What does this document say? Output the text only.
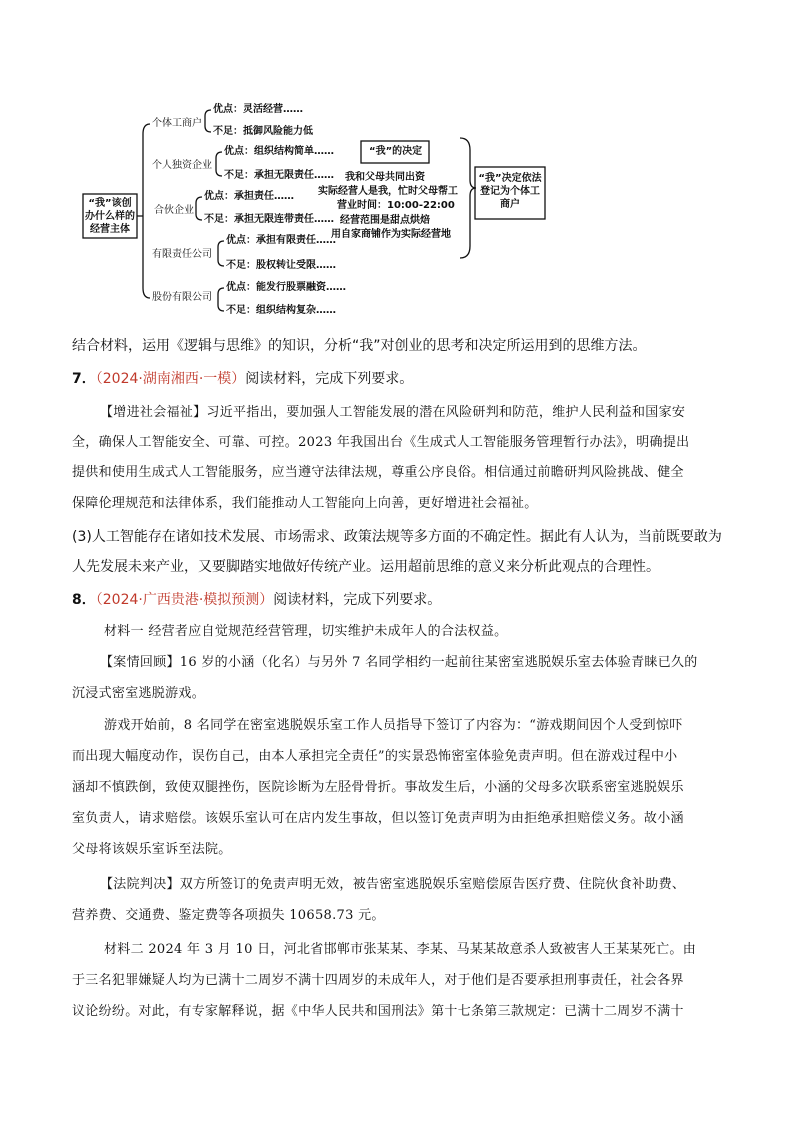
“我”该创办什么样的经营主体
个体工商户
个人独资企业
合伙企业
有限责任公司
股份有限公司
优点：灵活经营……
不足：抵御风险能力低
优点：组织结构简单……
不足：承担无限责任……
优点：承担责任……
不足：承担无限连带责任……
优点：承担有限责任……
不足：股权转让受限……
优点：能发行股票融资……
不足：组织结构复杂……
“我”的决定
我和父母共同出资
实际经营人是我，忙时父母帮工
营业时间：10:00-22:00
经营范围是甜点烘焙
用自家商铺作为实际经营地
“我”决定依法登记为个体工商户
结合材料，运用《逻辑与思维》的知识，分析“我”对创业的思考和决定所运用到的思维方法。
7．（2024·湖南湘西·一模）阅读材料，完成下列要求。
【增进社会福祉】习近平指出，要加强人工智能发展的潜在风险研判和防范，维护人民利益和国家安
全，确保人工智能安全、可靠、可控。2023 年我国出台《生成式人工智能服务管理暂行办法》，明确提出
提供和使用生成式人工智能服务，应当遵守法律法规，尊重公序良俗。相信通过前瞻研判风险挑战、健全
保障伦理规范和法律体系，我们能推动人工智能向上向善，更好增进社会福祉。
(3)人工智能存在诸如技术发展、市场需求、政策法规等多方面的不确定性。据此有人认为，当前既要敢为
人先发展未来产业，又要脚踏实地做好传统产业。运用超前思维的意义来分析此观点的合理性。
8．（2024·广西贵港·模拟预测）阅读材料，完成下列要求。
材料一 经营者应自觉规范经营管理，切实维护未成年人的合法权益。
【案情回顾】16 岁的小涵（化名）与另外 7 名同学相约一起前往某密室逃脱娱乐室去体验青睐已久的
沉浸式密室逃脱游戏。
游戏开始前，8 名同学在密室逃脱娱乐室工作人员指导下签订了内容为：“游戏期间因个人受到惊吓
而出现大幅度动作，误伤自己，由本人承担完全责任”的实景恐怖密室体验免责声明。但在游戏过程中小
涵却不慎跌倒，致使双腿挫伤，医院诊断为左胫骨骨折。事故发生后，小涵的父母多次联系密室逃脱娱乐
室负责人，请求赔偿。该娱乐室认可在店内发生事故，但以签订免责声明为由拒绝承担赔偿义务。故小涵
父母将该娱乐室诉至法院。
【法院判决】双方所签订的免责声明无效，被告密室逃脱娱乐室赔偿原告医疗费、住院伙食补助费、
营养费、交通费、鉴定费等各项损失 10658.73 元。
材料二 2024 年 3 月 10 日，河北省邯郸市张某某、李某、马某某故意杀人致被害人王某某死亡。由
于三名犯罪嫌疑人均为已满十二周岁不满十四周岁的未成年人，对于他们是否要承担刑事责任，社会各界
议论纷纷。对此，有专家解释说，据《中华人民共和国刑法》第十七条第三款规定：已满十二周岁不满十
